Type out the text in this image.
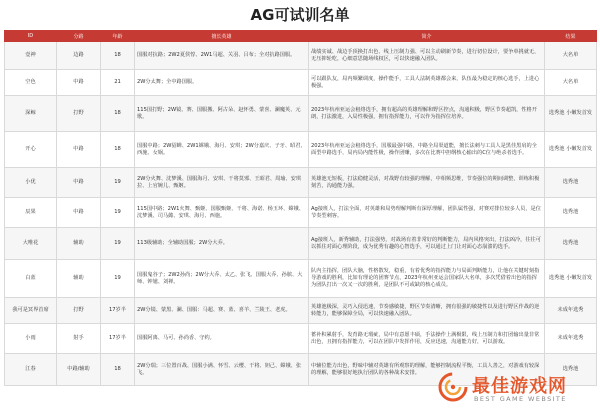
AG可试训名单
ID	分路	年龄	擅长英雄	简介	结果
壹神	边路	18	国服对抗路；2W2夏侯惇、2W1马超、关羽、吕布；全对抗路国服。	战绩实诚、战边手顶换打出色、线上压制力强、可以主动刷新节奏，进行切位设计，要争单挑就无，无压抑轮吃，心细意思随场线权区，可以快速融入团队。	大名单
空色	中路	21	2W分太舞；全中路国服。	可以跟队友，局内频繁调度，操作能手，工具人法制英雄都会来，队伍最为稳定的核心选手，上进心极强。	大名单
深鲸	打野	18	115国打野；2W镜、赛、国服搬、阿古朵、赵怀勇、蒙喜、澜魔英、元歌。	2023年杭州亚运会租络选手，拥有超高的英雄理解和野区控点，沟通积极，野区节奏超凯，性格开朗，打法激进，入局性极强，拥有指挥能力，可以作为指挥位培养。	选秀池 小嫩发首发
开心	中路	18	国服中路；2W貂蝉、2W1嫦娥、海月、安琪；2W分嘉庆、子牙、昭君、西施、女娲。	2023年杭州亚运会租络选手，国服最强中路，中路全局渠道能，擅长法刺与工具人是黑佳黑肩的全面型中路选手，局内局内能性极，操作团赚，多次在比赛中担纲核心输出的C位与绝杀者选手。	选秀池 小嫩发首发
小优	中路	19	2W分火舞、沈梦溪、国服海月、安琪、干将莫邪、王昭君、周瑜、安琪拉、上官婉儿、甄姬。	英雄池无短板，打法稳健灵活，对战野有较强的理解，中相频思维，节奏强位的期间调整，训练积极刻苦，沟通能力强。	选秀池
辰果	中路	19	115国中路；2W1火舞、甄姬、国服甄姬、干将、海诺、杨玉环、嫦娥、沈梦溪、司马懿、安琪、海月、西施。	Ag接班人，打法全面，对英雄和局势理解判断有深厚理解，团队属性强，对赛对排位较多人员，是位节奏型刺客。	选秀池
大唯花	辅助	19	113级辅助；全辅助国服；2W分大乔。	Ag接班人，新秀辅助，打法强势，对战场有着非常好的判断能力，局内风格突出，打法凶冷，往往可以抓住对面心理阶段，成为优秀有趣的心智选手，可以通过上门让对面心态崩溃的选手。	选秀池
白蓝	辅助	19	国服鬼谷子；2W2孙尚；2W分大乔、太乙、张飞、国服大乔、孙膑、大师、钟馗、刘禅。	队内主指挥，团队大脑，性格散发，稳重，有着优秀的指挥能力与局面判断能力，让他在关键时刻指导游戏的胜利，比如有理论的团赛节点，2023年杭州亚运会国家队大名单，多次凭借着出色的指挥为团队打出一次又一次的胜利，是团队不可或缺的核心成员。	选秀池 小嫩发首发
我可是冥界首席	打野	17岁半	2W分镜、蒙黑、澜、国服：马超、赛、蓝、喜羊、兰陵王、老虎。	英雄池极深，灵巧入侵迅速，节奏感敏捷，野区节奏清晰，拥有很强的敏捷性以及进行野区作战的逆转能力，能够保障全局，可以快速融入团队。	未成年选秀
小雨	射手	17岁半	国服阿离、马可、孙尚香、守约。	蓄补积累射手，发育路无瑕疵，局中有意愿丰硕，手法操作上满极限，线上压制力和打团输出量非常出色，且拥有指挥能力，可以在团队中发挥作用，反应迅速，沟通能力好，可以游戏。	未成年选秀
江春	中路/辅助	18	2W分瑞；三位置百战、国服小满、怀雪、云缨、干将、妲己、嫦娥、张飞。	中辅位能力出色，野味中辅对英雄有所观察的理解，能够控制流程平衡，工具人善之，对游戏有较深的理解，能够很好地执行团队的各种战术安排。	选秀池
最佳游戏网
BEST GAME WEBSITE
